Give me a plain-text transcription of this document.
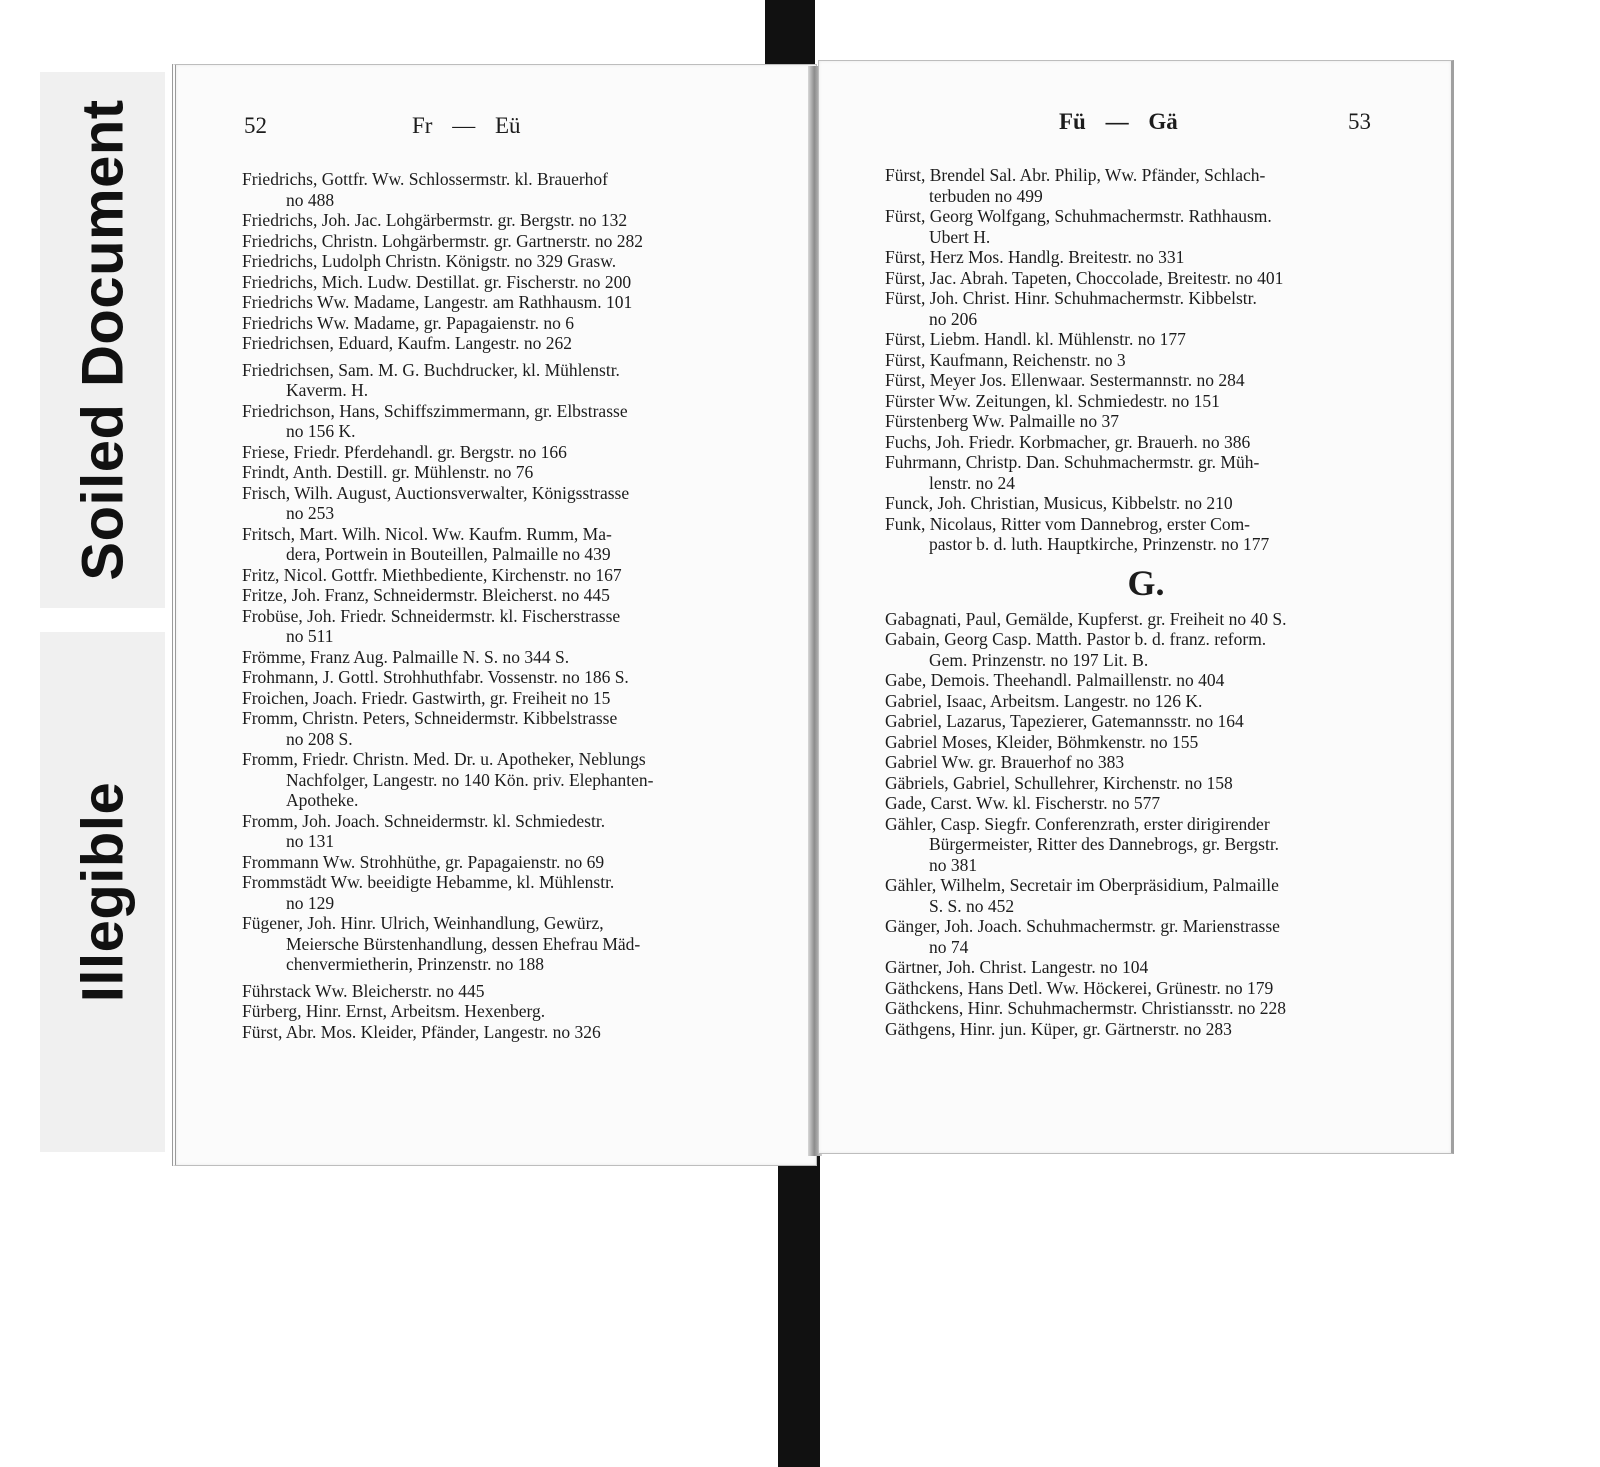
Soiled Document
Illegible
52	Fr — Eü

Friedrichs, Gottfr. Ww. Schlossermstr. kl. Brauerhof
no 488

Friedrichs, Joh. Jac. Lohgärbermstr. gr. Bergstr. no 132

Friedrichs, Christn. Lohgärbermstr. gr. Gartnerstr. no 282

Friedrichs, Ludolph Christn. Königstr. no 329 Grasw.

Friedrichs, Mich. Ludw. Destillat. gr. Fischerstr. no 200

Friedrichs Ww. Madame, Langestr. am Rathhausm. 101

Friedrichs Ww. Madame, gr. Papagaienstr. no 6

Friedrichsen, Eduard, Kaufm. Langestr. no 262

Friedrichsen, Sam. M. G. Buchdrucker, kl. Mühlenstr.
Kaverm. H.

Friedrichson, Hans, Schiffszimmermann, gr. Elbstrasse
no 156 K.

Friese, Friedr. Pferdehandl. gr. Bergstr. no 166

Frindt, Anth. Destill. gr. Mühlenstr. no 76

Frisch, Wilh. August, Auctionsverwalter, Königsstrasse
no 253

Fritsch, Mart. Wilh. Nicol. Ww. Kaufm. Rumm, Ma-
dera, Portwein in Bouteillen, Palmaille no 439

Fritz, Nicol. Gottfr. Miethbediente, Kirchenstr. no 167

Fritze, Joh. Franz, Schneidermstr. Bleicherst. no 445

Frobüse, Joh. Friedr. Schneidermstr. kl. Fischerstrasse
no 511

Frömme, Franz Aug. Palmaille N. S. no 344 S.

Frohmann, J. Gottl. Strohhuthfabr. Vossenstr. no 186 S.

Froichen, Joach. Friedr. Gastwirth, gr. Freiheit no 15

Fromm, Christn. Peters, Schneidermstr. Kibbelstrasse
no 208 S.

Fromm, Friedr. Christn. Med. Dr. u. Apotheker, Neblungs
Nachfolger, Langestr. no 140 Kön. priv. Elephanten-
Apotheke.

Fromm, Joh. Joach. Schneidermstr. kl. Schmiedestr.
no 131

Frommann Ww. Strohhüthe, gr. Papagaienstr. no 69

Frommstädt Ww. beeidigte Hebamme, kl. Mühlenstr.
no 129

Fügener, Joh. Hinr. Ulrich, Weinhandlung, Gewürz,
Meiersche Bürstenhandlung, dessen Ehefrau Mäd-
chenvermietherin, Prinzenstr. no 188

Führstack Ww. Bleicherstr. no 445

Fürberg, Hinr. Ernst, Arbeitsm. Hexenberg.

Fürst, Abr. Mos. Kleider, Pfänder, Langestr. no 326

Fü — Gä	53

Fürst, Brendel Sal. Abr. Philip, Ww. Pfänder, Schlach-
terbuden no 499

Fürst, Georg Wolfgang, Schuhmachermstr. Rathhausm.
Ubert H.

Fürst, Herz Mos. Handlg. Breitestr. no 331

Fürst, Jac. Abrah. Tapeten, Choccolade, Breitestr. no 401

Fürst, Joh. Christ. Hinr. Schuhmachermstr. Kibbelstr.
no 206

Fürst, Liebm. Handl. kl. Mühlenstr. no 177

Fürst, Kaufmann, Reichenstr. no 3

Fürst, Meyer Jos. Ellenwaar. Sestermannstr. no 284

Fürster Ww. Zeitungen, kl. Schmiedestr. no 151

Fürstenberg Ww. Palmaille no 37

Fuchs, Joh. Friedr. Korbmacher, gr. Brauerh. no 386

Fuhrmann, Christp. Dan. Schuhmachermstr. gr. Müh-
lenstr. no 24

Funck, Joh. Christian, Musicus, Kibbelstr. no 210

Funk, Nicolaus, Ritter vom Dannebrog, erster Com-
pastor b. d. luth. Hauptkirche, Prinzenstr. no 177

G.

Gabagnati, Paul, Gemälde, Kupferst. gr. Freiheit no 40 S.

Gabain, Georg Casp. Matth. Pastor b. d. franz. reform.
Gem. Prinzenstr. no 197 Lit. B.

Gabe, Demois. Theehandl. Palmaillenstr. no 404

Gabriel, Isaac, Arbeitsm. Langestr. no 126 K.

Gabriel, Lazarus, Tapezierer, Gatemannsstr. no 164

Gabriel Moses, Kleider, Böhmkenstr. no 155

Gabriel Ww. gr. Brauerhof no 383

Gäbriels, Gabriel, Schullehrer, Kirchenstr. no 158

Gade, Carst. Ww. kl. Fischerstr. no 577

Gähler, Casp. Siegfr. Conferenzrath, erster dirigirender
Bürgermeister, Ritter des Dannebrogs, gr. Bergstr.
no 381

Gähler, Wilhelm, Secretair im Oberpräsidium, Palmaille
S. S. no 452

Gänger, Joh. Joach. Schuhmachermstr. gr. Marienstrasse
no 74

Gärtner, Joh. Christ. Langestr. no 104

Gäthckens, Hans Detl. Ww. Höckerei, Grünestr. no 179

Gäthckens, Hinr. Schuhmachermstr. Christiansstr. no 228

Gäthgens, Hinr. jun. Küper, gr. Gärtnerstr. no 283
